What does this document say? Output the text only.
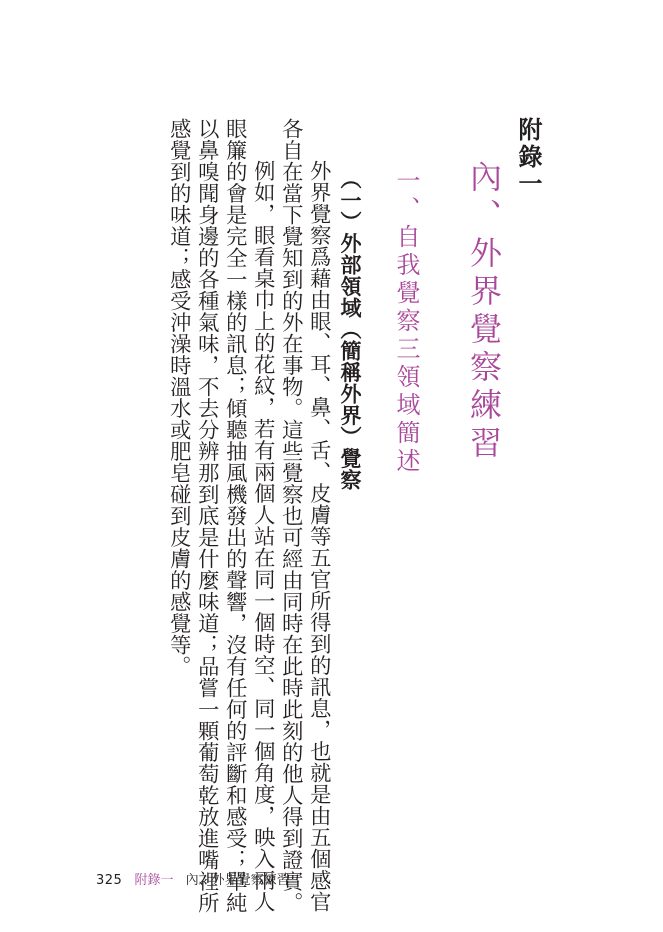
附錄一
內、外界覺察練習
一、自我覺察三領域簡述
（一）外部領域（簡稱外界）覺察
外界覺察爲藉由眼、耳、鼻、舌、皮膚等五官所得到的訊息，也就是由五個感官
各自在當下覺知到的外在事物。這些覺察也可經由同時在此時此刻的他人得到證實。
例如，眼看桌巾上的花紋，若有兩個人站在同一個時空、同一個角度，映入兩人
眼簾的會是完全一樣的訊息；傾聽抽風機發出的聲響，沒有任何的評斷和感受；單純
以鼻嗅聞身邊的各種氣味，不去分辨那到底是什麼味道；品嘗一顆葡萄乾放進嘴裡所
感覺到的味道；感受沖澡時溫水或肥皂碰到皮膚的感覺等。
325 附錄一 內、外界覺察練習
